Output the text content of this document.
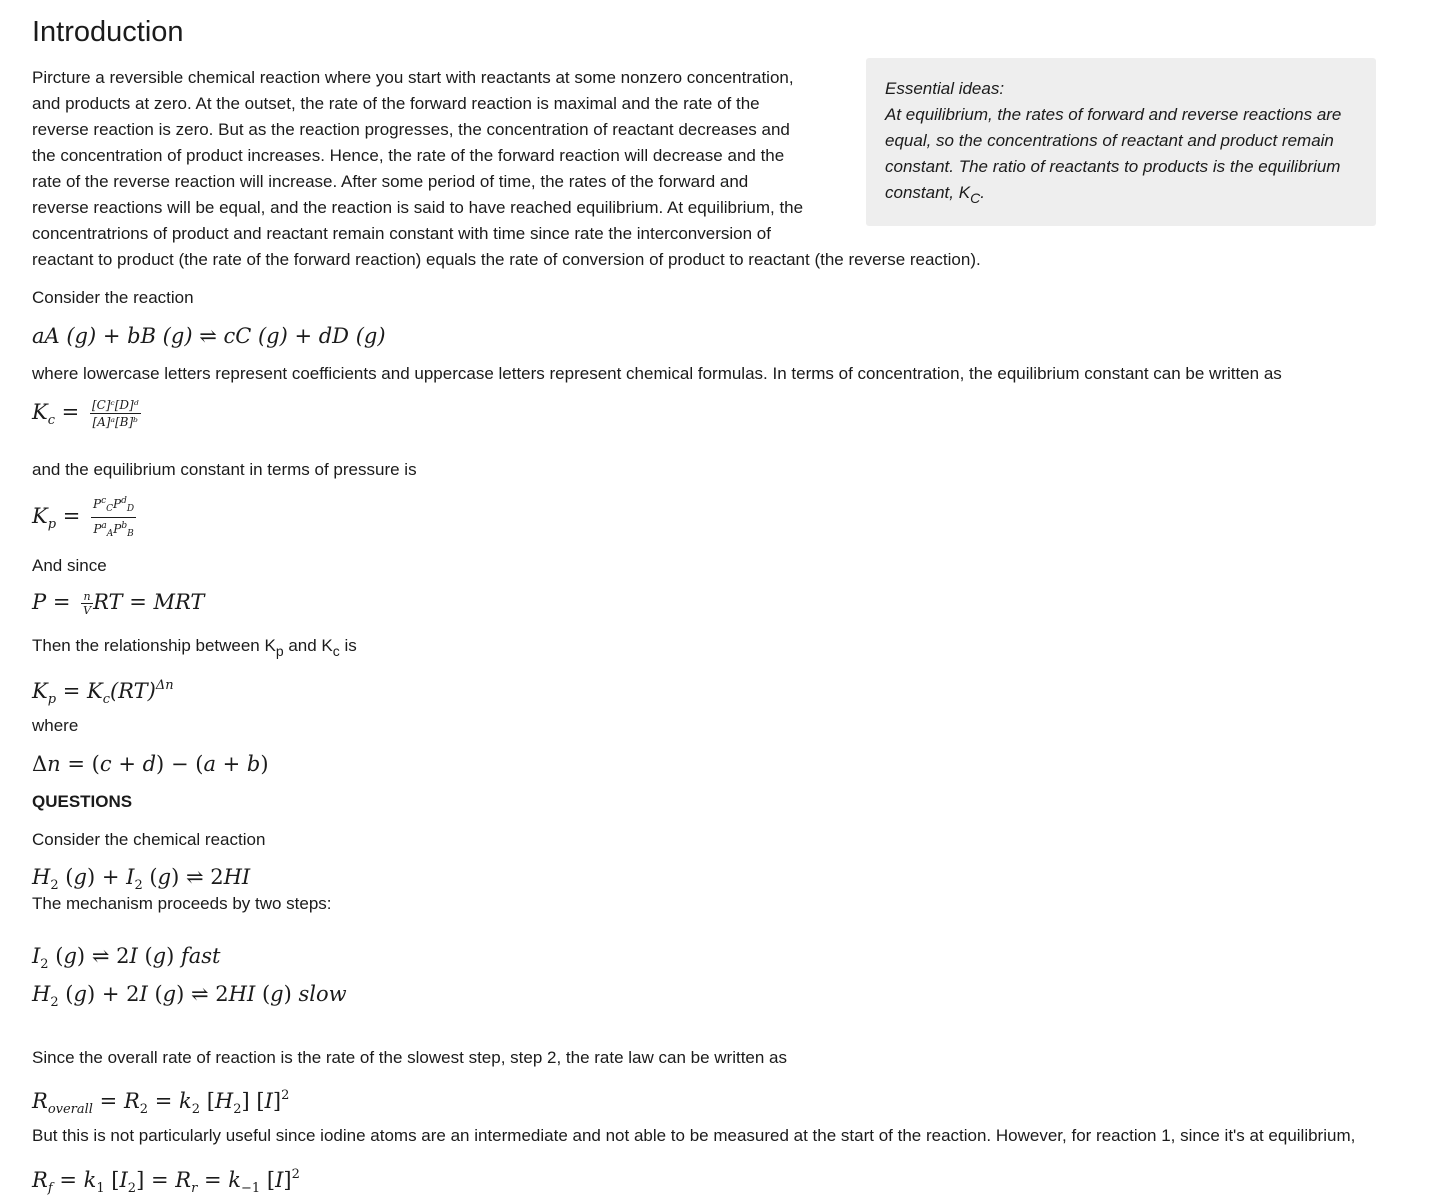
Introduction
Pircture a reversible chemical reaction where you start with reactants at some nonzero concentration,
and products at zero. At the outset, the rate of the forward reaction is maximal and the rate of the
reverse reaction is zero. But as the reaction progresses, the concentration of reactant decreases and
the concentration of product increases. Hence, the rate of the forward reaction will decrease and the
rate of the reverse reaction will increase. After some period of time, the rates of the forward and
reverse reactions will be equal, and the reaction is said to have reached equilibrium. At equilibrium, the
concentratrions of product and reactant remain constant with time since rate the interconversion of
reactant to product (the rate of the forward reaction) equals the rate of conversion of product to reactant (the reverse reaction).
Essential ideas:
At equilibrium, the rates of forward and reverse reactions are
equal, so the concentrations of reactant and product remain
constant. The ratio of reactants to products is the equilibrium
constant, $K_C$.
Consider the reaction
aA (g) + bB (g) ⇌ cC (g) + dD (g)
where lowercase letters represent coefficients and uppercase letters represent chemical formulas. In terms of concentration, the equilibrium constant can be written as
$K_c = \frac{\text{[C]ᶜ[D]ᵈ}}{\text{[A]ᵃ[B]ᵇ}}$
and the equilibrium constant in terms of pressure is
$K_p = \frac{P^c_CP^d_D}{P^a_AP^b_B}$
And since
$P = \frac{n}{V}$ RT = MRT
Then the relationship between $K_p$ and $K_c$ is
$K_p = K_c(RT)^{\Delta n}$
where
Δn = (c + d) − (a + b)
QUESTIONS
Consider the chemical reaction
$H_2$ $(g) + I_2$ (g) ⇌ 2HI
The mechanism proceeds by two steps:
$I_2$ (g) ⇌ 2I (g) fast
$H_2$ (g) + 2I (g) ⇌ 2HI (g) slow
Since the overall rate of reaction is the rate of the slowest step, step 2, the rate law can be written as
$R_{overall} = R_2 = k_2$ $[H_2]$ $[I]^2$
But this is not particularly useful since iodine atoms are an intermediate and not able to be measured at the start of the reaction. However, for reaction 1, since it's at equilibrium,
$R_f = k_1$ $[I_2] = R_r = k_{-1}$ $[I]^2$
